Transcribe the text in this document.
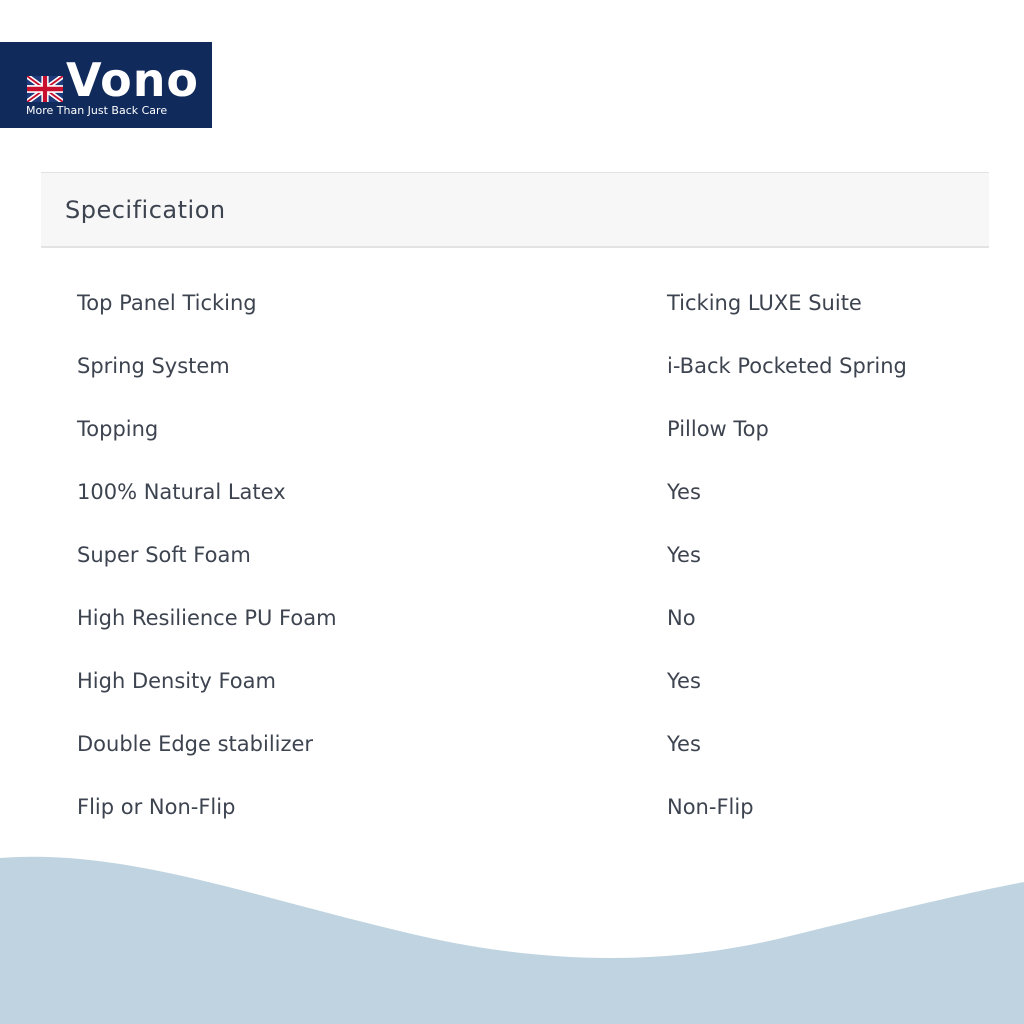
Vono
More Than Just Back Care
Specification
Top Panel Ticking	Ticking LUXE Suite
Spring System	i-Back Pocketed Spring
Topping	Pillow Top
100% Natural Latex	Yes
Super Soft Foam	Yes
High Resilience PU Foam	No
High Density Foam	Yes
Double Edge stabilizer	Yes
Flip or Non-Flip	Non-Flip
